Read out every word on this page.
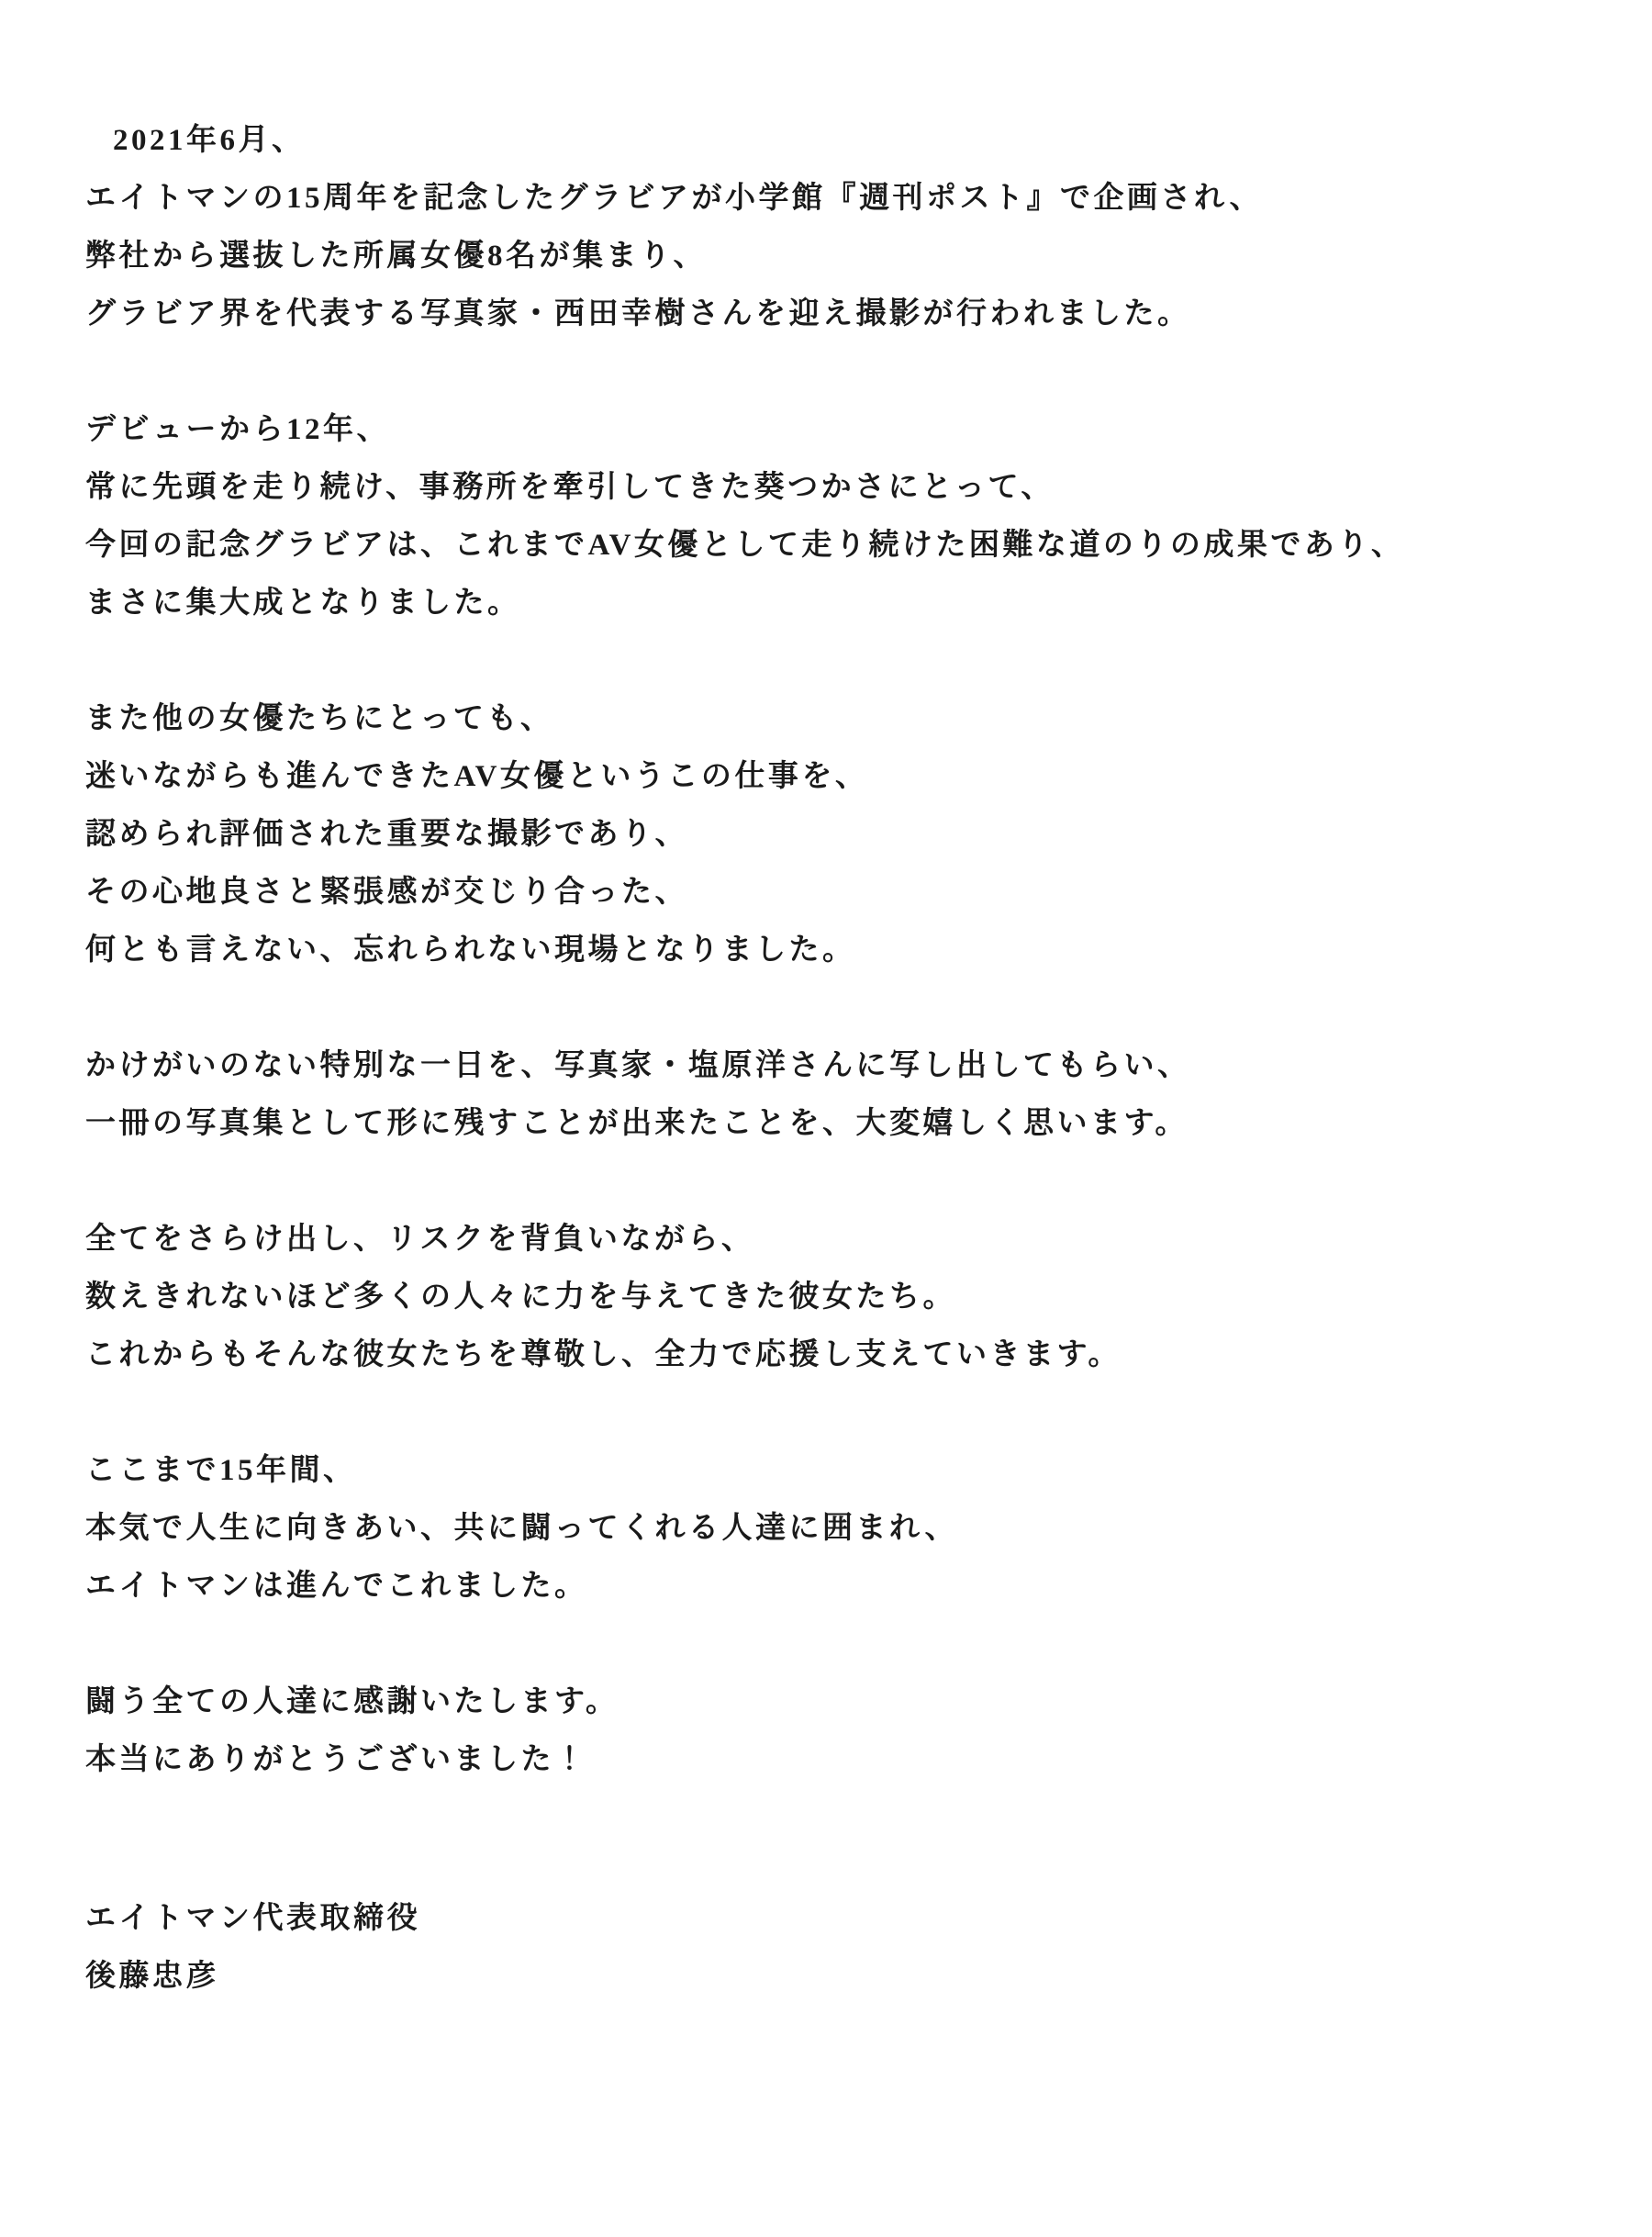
2021年6月、
エイトマンの15周年を記念したグラビアが小学館『週刊ポスト』で企画され、
弊社から選抜した所属女優8名が集まり、
グラビア界を代表する写真家・西田幸樹さんを迎え撮影が行われました。

デビューから12年、
常に先頭を走り続け、事務所を牽引してきた葵つかさにとって、
今回の記念グラビアは、これまでAV女優として走り続けた困難な道のりの成果であり、
まさに集大成となりました。

また他の女優たちにとっても、
迷いながらも進んできたAV女優というこの仕事を、
認められ評価された重要な撮影であり、
その心地良さと緊張感が交じり合った、
何とも言えない、忘れられない現場となりました。

かけがいのない特別な一日を、写真家・塩原洋さんに写し出してもらい、
一冊の写真集として形に残すことが出来たことを、大変嬉しく思います。

全てをさらけ出し、リスクを背負いながら、
数えきれないほど多くの人々に力を与えてきた彼女たち。
これからもそんな彼女たちを尊敬し、全力で応援し支えていきます。

ここまで15年間、
本気で人生に向きあい、共に闘ってくれる人達に囲まれ、
エイトマンは進んでこれました。

闘う全ての人達に感謝いたします。
本当にありがとうございました！

エイトマン代表取締役
後藤忠彦
